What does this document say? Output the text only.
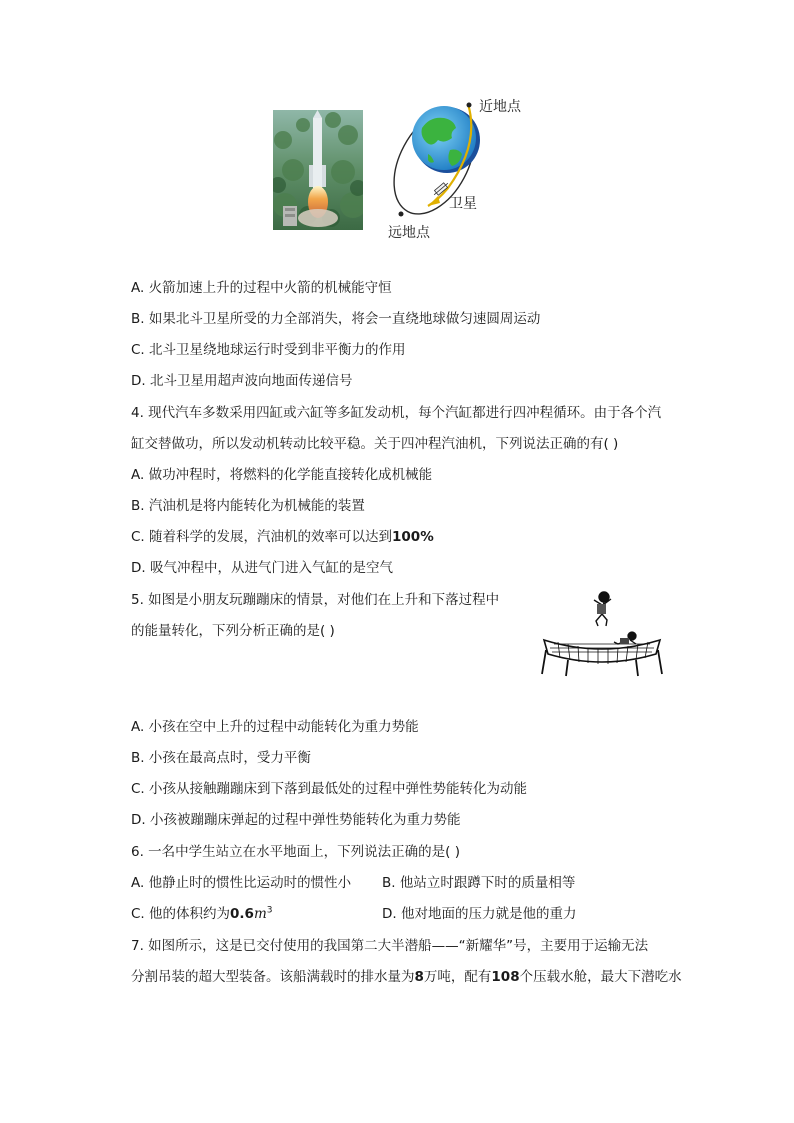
近地点
卫星
远地点
A. 火箭加速上升的过程中火箭的机械能守恒
B. 如果北斗卫星所受的力全部消失，将会一直绕地球做匀速圆周运动
C. 北斗卫星绕地球运行时受到非平衡力的作用
D. 北斗卫星用超声波向地面传递信号
4. 现代汽车多数采用四缸或六缸等多缸发动机，每个汽缸都进行四冲程循环。由于各个汽
缸交替做功，所以发动机转动比较平稳。关于四冲程汽油机，下列说法正确的有( )
A. 做功冲程时，将燃料的化学能直接转化成机械能
B. 汽油机是将内能转化为机械能的装置
C. 随着科学的发展，汽油机的效率可以达到100%
D. 吸气冲程中，从进气门进入气缸的是空气
5. 如图是小朋友玩蹦蹦床的情景，对他们在上升和下落过程中
的能量转化，下列分析正确的是( )
A. 小孩在空中上升的过程中动能转化为重力势能
B. 小孩在最高点时，受力平衡
C. 小孩从接触蹦蹦床到下落到最低处的过程中弹性势能转化为动能
D. 小孩被蹦蹦床弹起的过程中弹性势能转化为重力势能
6. 一名中学生站立在水平地面上，下列说法正确的是( )
A. 他静止时的惯性比运动时的惯性小 B. 他站立时跟蹲下时的质量相等
C. 他的体积约为$0.6m^3$	D. 他对地面的压力就是他的重力
7. 如图所示，这是已交付使用的我国第二大半潜船——“新耀华”号，主要用于运输无法
分割吊装的超大型装备。该船满载时的排水量为8万吨，配有108个压载水舱，最大下潜吃水
